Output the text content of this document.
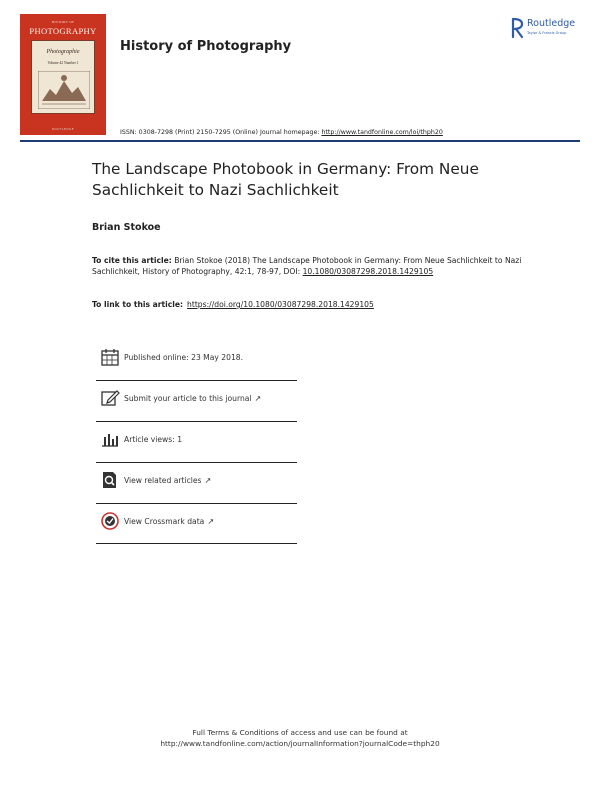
HISTORY OF
PHOTOGRAPHY
Photographie
Volume 42 Number 1
ROUTLEDGE
History of Photography
Routledge
Taylor & Francis Group
ISSN: 0308-7298 (Print) 2150-7295 (Online) Journal homepage: http://www.tandfonline.com/loi/thph20
The Landscape Photobook in Germany: From Neue Sachlichkeit to Nazi Sachlichkeit
Brian Stokoe
To cite this article: Brian Stokoe (2018) The Landscape Photobook in Germany: From Neue Sachlichkeit to Nazi Sachlichkeit, History of Photography, 42:1, 78-97, DOI: 10.1080/03087298.2018.1429105
To link to this article: https://doi.org/10.1080/03087298.2018.1429105
Published online: 23 May 2018.
Submit your article to this journal ↗
Article views: 1
View related articles ↗
View Crossmark data ↗
Full Terms & Conditions of access and use can be found at
http://www.tandfonline.com/action/journalInformation?journalCode=thph20
